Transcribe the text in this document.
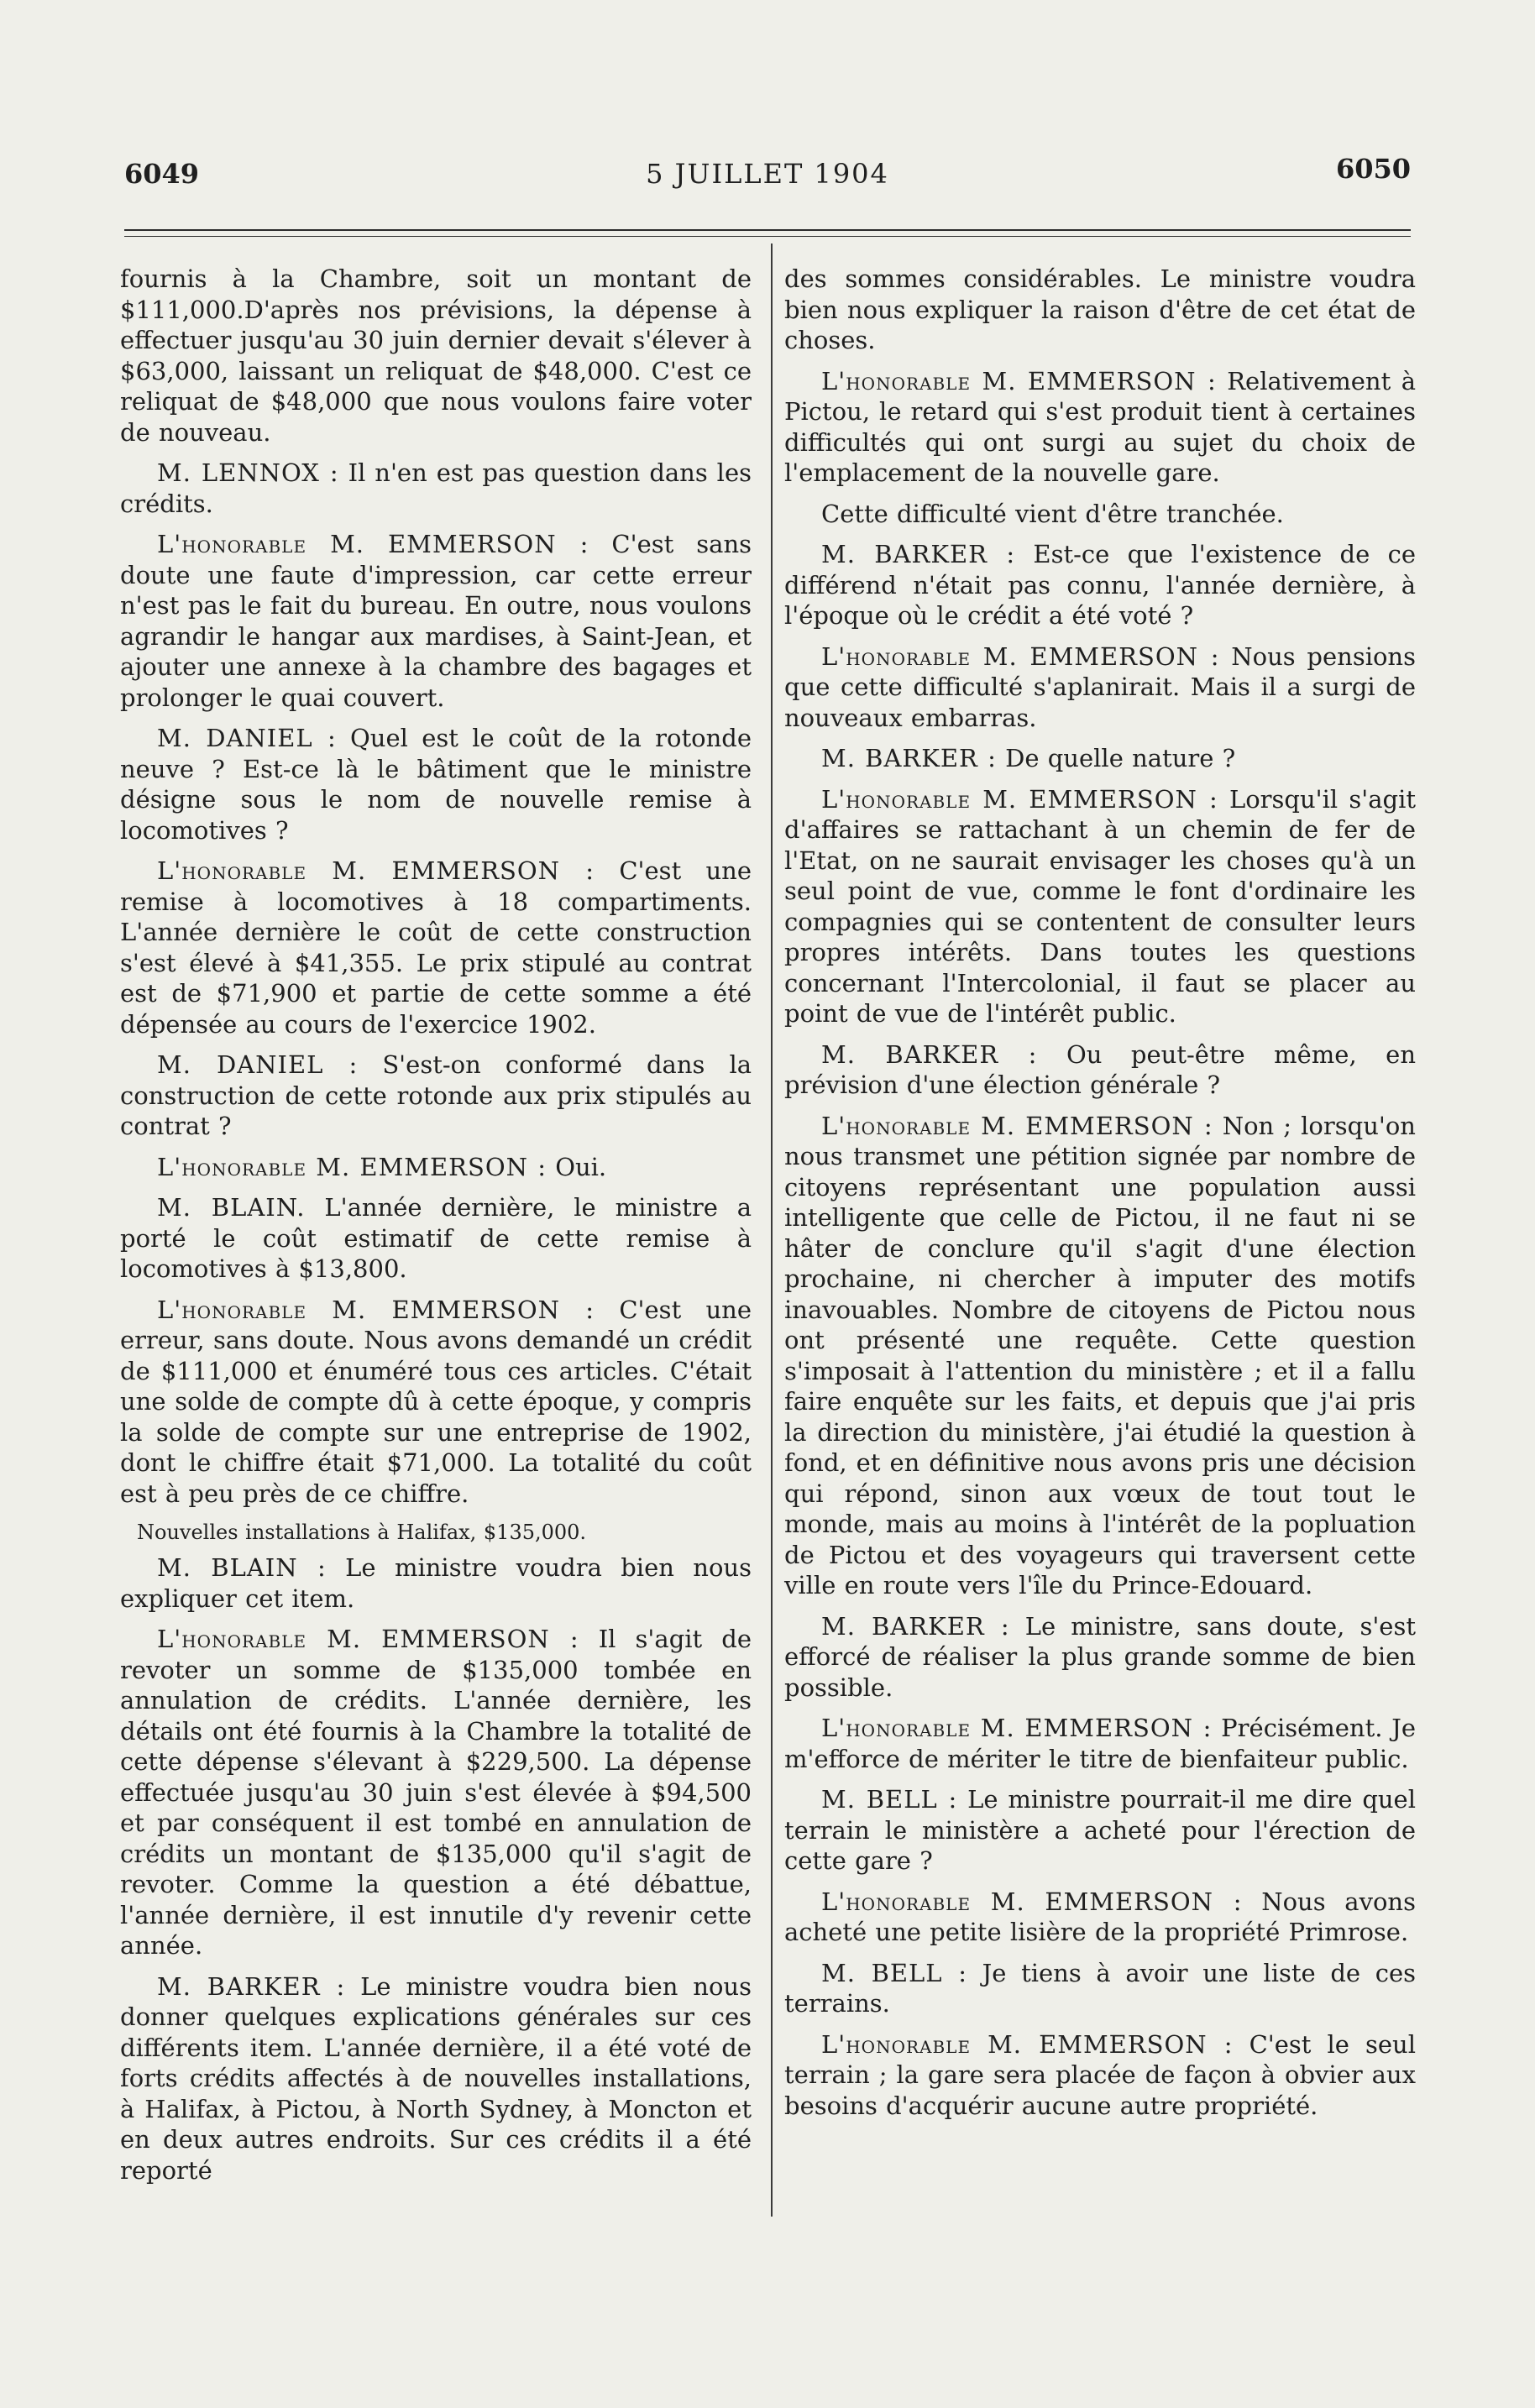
6049	5 JUILLET 1904	6050

fournis à la Chambre, soit un montant de $111,000.D'après nos prévisions, la dépense à effectuer jusqu'au 30 juin dernier devait s'élever à $63,000, laissant un reliquat de $48,000. C'est ce reliquat de $48,000 que nous voulons faire voter de nouveau.

M. LENNOX : Il n'en est pas question dans les crédits.

L'honorable M. EMMERSON : C'est sans doute une faute d'impression, car cette erreur n'est pas le fait du bureau. En outre, nous voulons agrandir le hangar aux mardises, à Saint-Jean, et ajouter une annexe à la chambre des bagages et prolonger le quai couvert.

M. DANIEL : Quel est le coût de la rotonde neuve ? Est-ce là le bâtiment que le ministre désigne sous le nom de nouvelle remise à locomotives ?

L'honorable M. EMMERSON : C'est une remise à locomotives à 18 compartiments. L'année dernière le coût de cette construction s'est élevé à $41,355. Le prix stipulé au contrat est de $71,900 et partie de cette somme a été dépensée au cours de l'exercice 1902.

M. DANIEL : S'est-on conformé dans la construction de cette rotonde aux prix stipulés au contrat ?

L'honorable M. EMMERSON : Oui.

M. BLAIN. L'année dernière, le ministre a porté le coût estimatif de cette remise à locomotives à $13,800.

L'honorable M. EMMERSON : C'est une erreur, sans doute. Nous avons demandé un crédit de $111,000 et énuméré tous ces articles. C'était une solde de compte dû à cette époque, y compris la solde de compte sur une entreprise de 1902, dont le chiffre était $71,000. La totalité du coût est à peu près de ce chiffre.

Nouvelles installations à Halifax, $135,000.

M. BLAIN : Le ministre voudra bien nous expliquer cet item.

L'honorable M. EMMERSON : Il s'agit de revoter un somme de $135,000 tombée en annulation de crédits. L'année dernière, les détails ont été fournis à la Chambre la totalité de cette dépense s'élevant à $229,500. La dépense effectuée jusqu'au 30 juin s'est élevée à $94,500 et par conséquent il est tombé en annulation de crédits un montant de $135,000 qu'il s'agit de revoter. Comme la question a été débattue, l'année dernière, il est innutile d'y revenir cette année.

M. BARKER : Le ministre voudra bien nous donner quelques explications générales sur ces différents item. L'année dernière, il a été voté de forts crédits affectés à de nouvelles installations, à Halifax, à Pictou, à North Sydney, à Moncton et en deux autres endroits. Sur ces crédits il a été reporté

des sommes considérables. Le ministre voudra bien nous expliquer la raison d'être de cet état de choses.

L'honorable M. EMMERSON : Relativement à Pictou, le retard qui s'est produit tient à certaines difficultés qui ont surgi au sujet du choix de l'emplacement de la nouvelle gare.

Cette difficulté vient d'être tranchée.

M. BARKER : Est-ce que l'existence de ce différend n'était pas connu, l'année dernière, à l'époque où le crédit a été voté ?

L'honorable M. EMMERSON : Nous pensions que cette difficulté s'aplanirait. Mais il a surgi de nouveaux embarras.

M. BARKER : De quelle nature ?

L'honorable M. EMMERSON : Lorsqu'il s'agit d'affaires se rattachant à un chemin de fer de l'Etat, on ne saurait envisager les choses qu'à un seul point de vue, comme le font d'ordinaire les compagnies qui se contentent de consulter leurs propres intérêts. Dans toutes les questions concernant l'Intercolonial, il faut se placer au point de vue de l'intérêt public.

M. BARKER : Ou peut-être même, en prévision d'une élection générale ?

L'honorable M. EMMERSON : Non ; lorsqu'on nous transmet une pétition signée par nombre de citoyens représentant une population aussi intelligente que celle de Pictou, il ne faut ni se hâter de conclure qu'il s'agit d'une élection prochaine, ni chercher à imputer des motifs inavouables. Nombre de citoyens de Pictou nous ont présenté une requête. Cette question s'imposait à l'attention du ministère ; et il a fallu faire enquête sur les faits, et depuis que j'ai pris la direction du ministère, j'ai étudié la question à fond, et en définitive nous avons pris une décision qui répond, sinon aux vœux de tout tout le monde, mais au moins à l'intérêt de la popluation de Pictou et des voyageurs qui traversent cette ville en route vers l'île du Prince-Edouard.

M. BARKER : Le ministre, sans doute, s'est efforcé de réaliser la plus grande somme de bien possible.

L'honorable M. EMMERSON : Précisément. Je m'efforce de mériter le titre de bienfaiteur public.

M. BELL : Le ministre pourrait-il me dire quel terrain le ministère a acheté pour l'érection de cette gare ?

L'honorable M. EMMERSON : Nous avons acheté une petite lisière de la propriété Primrose.

M. BELL : Je tiens à avoir une liste de ces terrains.

L'honorable M. EMMERSON : C'est le seul terrain ; la gare sera placée de façon à obvier aux besoins d'acquérir aucune autre propriété.
